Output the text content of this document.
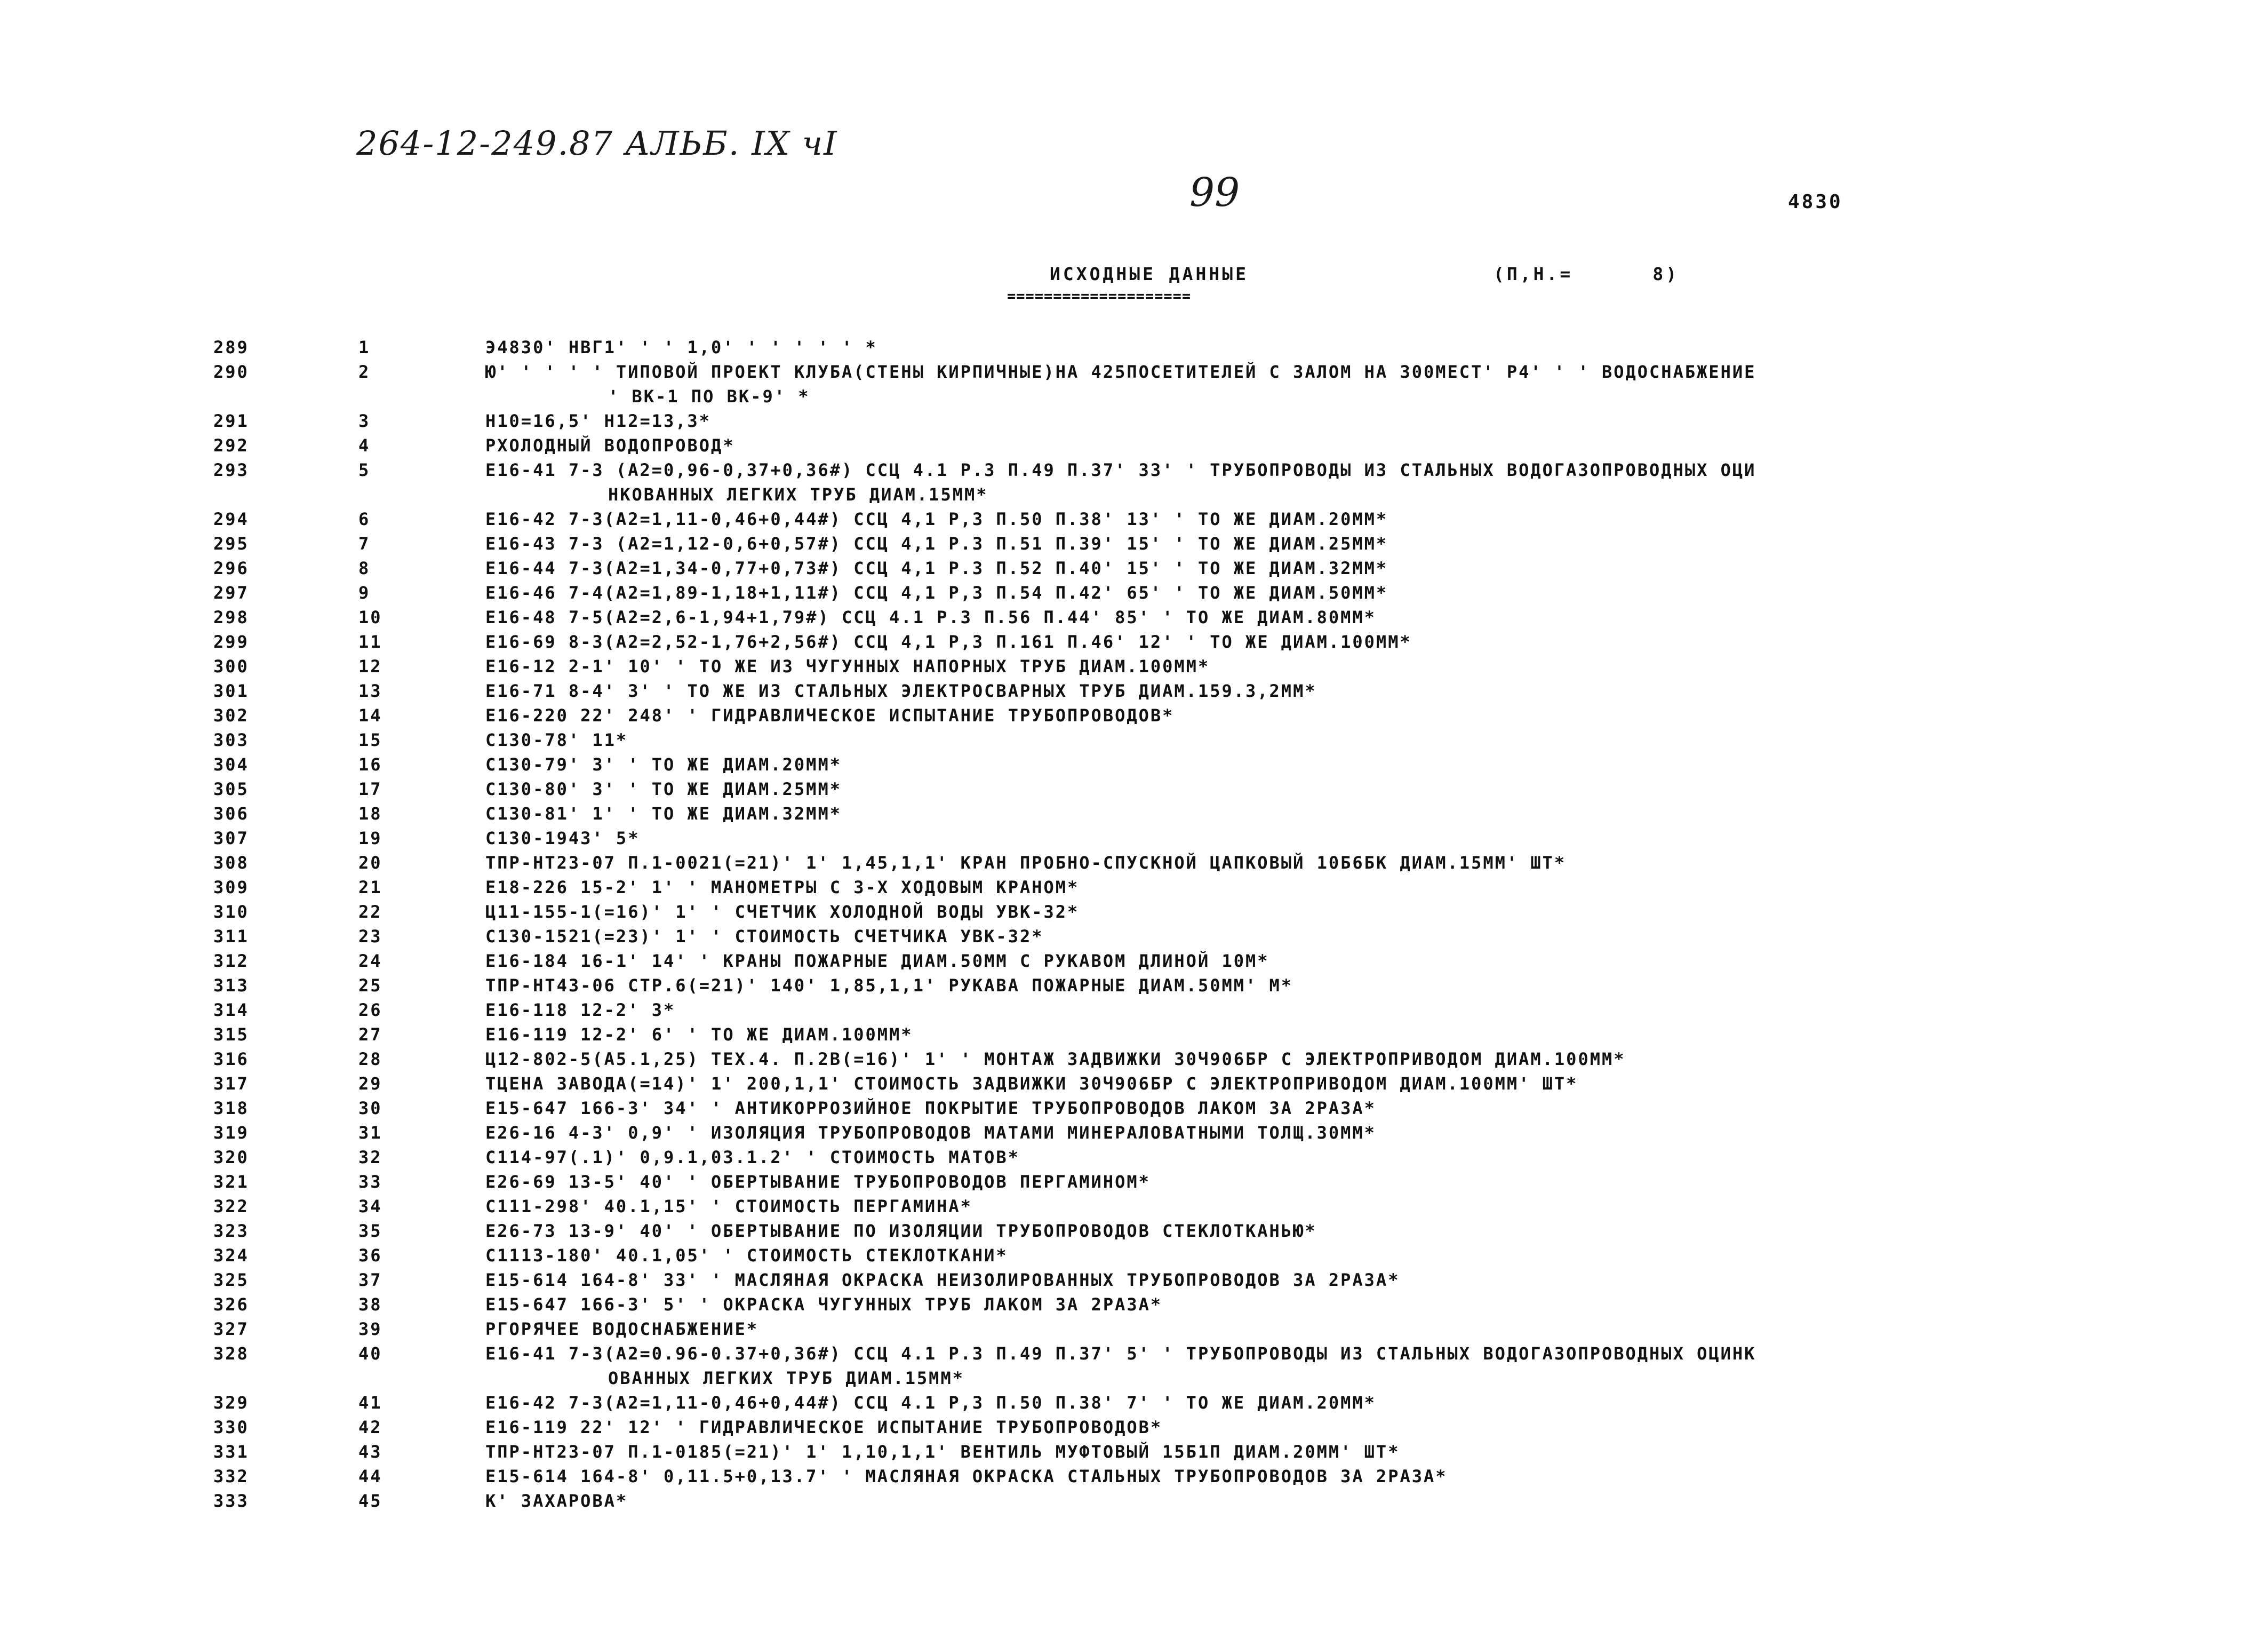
264-12-249.87 АЛЬБ. IX чI
99	4830
ИСХОДНЫЕ ДАННЫЕ	(П,Н.=      8)
====================
289	1	Э4830' НВГ1' ' ' 1,0' ' ' ' ' ' *
290	2	Ю' ' ' ' ' ТИПОВОЙ ПРОЕКТ КЛУБА(СТЕНЫ КИРПИЧНЫЕ)НА 425ПОСЕТИТЕЛЕЙ С ЗАЛОМ НА 300МЕСТ' Р4' ' ' ВОДОСНАБЖЕНИЕ
' ВК-1 ПО ВК-9' *
291	3	Н10=16,5' Н12=13,3*
292	4	РХОЛОДНЫЙ ВОДОПРОВОД*
293	5	Е16-41 7-3 (А2=0,96-0,37+0,36#) ССЦ 4.1 Р.3 П.49 П.37' 33' ' ТРУБОПРОВОДЫ ИЗ СТАЛЬНЫХ ВОДОГАЗОПРОВОДНЫХ ОЦИ
НКОВАННЫХ ЛЕГКИХ ТРУБ ДИАМ.15ММ*
294	6	Е16-42 7-3(А2=1,11-0,46+0,44#) ССЦ 4,1 Р,3 П.50 П.38' 13' ' ТО ЖЕ ДИАМ.20ММ*
295	7	Е16-43 7-3 (А2=1,12-0,6+0,57#) ССЦ 4,1 Р.3 П.51 П.39' 15' ' ТО ЖЕ ДИАМ.25ММ*
296	8	Е16-44 7-3(А2=1,34-0,77+0,73#) ССЦ 4,1 Р.3 П.52 П.40' 15' ' ТО ЖЕ ДИАМ.32ММ*
297	9	Е16-46 7-4(А2=1,89-1,18+1,11#) ССЦ 4,1 Р,3 П.54 П.42' 65' ' ТО ЖЕ ДИАМ.50ММ*
298	10	Е16-48 7-5(А2=2,6-1,94+1,79#) ССЦ 4.1 Р.3 П.56 П.44' 85' ' ТО ЖЕ ДИАМ.80ММ*
299	11	Е16-69 8-3(А2=2,52-1,76+2,56#) ССЦ 4,1 Р,3 П.161 П.46' 12' ' ТО ЖЕ ДИАМ.100ММ*
300	12	Е16-12 2-1' 10' ' ТО ЖЕ ИЗ ЧУГУННЫХ НАПОРНЫХ ТРУБ ДИАМ.100ММ*
301	13	Е16-71 8-4' 3' ' ТО ЖЕ ИЗ СТАЛЬНЫХ ЭЛЕКТРОСВАРНЫХ ТРУБ ДИАМ.159.3,2ММ*
302	14	Е16-220 22' 248' ' ГИДРАВЛИЧЕСКОЕ ИСПЫТАНИЕ ТРУБОПРОВОДОВ*
303	15	С130-78' 11*
304	16	С130-79' 3' ' ТО ЖЕ ДИАМ.20ММ*
305	17	С130-80' 3' ' ТО ЖЕ ДИАМ.25ММ*
306	18	С130-81' 1' ' ТО ЖЕ ДИАМ.32ММ*
307	19	С130-1943' 5*
308	20	ТПР-НТ23-07 П.1-0021(=21)' 1' 1,45,1,1' КРАН ПРОБНО-СПУСКНОЙ ЦАПКОВЫЙ 10Б6БК ДИАМ.15ММ' ШТ*
309	21	Е18-226 15-2' 1' ' МАНОМЕТРЫ С 3-Х ХОДОВЫМ КРАНОМ*
310	22	Ц11-155-1(=16)' 1' ' СЧЕТЧИК ХОЛОДНОЙ ВОДЫ УВК-32*
311	23	С130-1521(=23)' 1' ' СТОИМОСТЬ СЧЕТЧИКА УВК-32*
312	24	Е16-184 16-1' 14' ' КРАНЫ ПОЖАРНЫЕ ДИАМ.50ММ С РУКАВОМ ДЛИНОЙ 10М*
313	25	ТПР-НТ43-06 СТР.6(=21)' 140' 1,85,1,1' РУКАВА ПОЖАРНЫЕ ДИАМ.50ММ' М*
314	26	Е16-118 12-2' 3*
315	27	Е16-119 12-2' 6' ' ТО ЖЕ ДИАМ.100ММ*
316	28	Ц12-802-5(А5.1,25) ТЕХ.4. П.2В(=16)' 1' ' МОНТАЖ ЗАДВИЖКИ 30Ч906БР С ЭЛЕКТРОПРИВОДОМ ДИАМ.100ММ*
317	29	ТЦЕНА ЗАВОДА(=14)' 1' 200,1,1' СТОИМОСТЬ ЗАДВИЖКИ 30Ч906БР С ЭЛЕКТРОПРИВОДОМ ДИАМ.100ММ' ШТ*
318	30	Е15-647 166-3' 34' ' АНТИКОРРОЗИЙНОЕ ПОКРЫТИЕ ТРУБОПРОВОДОВ ЛАКОМ ЗА 2РАЗА*
319	31	Е26-16 4-3' 0,9' ' ИЗОЛЯЦИЯ ТРУБОПРОВОДОВ МАТАМИ МИНЕРАЛОВАТНЫМИ ТОЛЩ.30ММ*
320	32	С114-97(.1)' 0,9.1,03.1.2' ' СТОИМОСТЬ МАТОВ*
321	33	Е26-69 13-5' 40' ' ОБЕРТЫВАНИЕ ТРУБОПРОВОДОВ ПЕРГАМИНОМ*
322	34	С111-298' 40.1,15' ' СТОИМОСТЬ ПЕРГАМИНА*
323	35	Е26-73 13-9' 40' ' ОБЕРТЫВАНИЕ ПО ИЗОЛЯЦИИ ТРУБОПРОВОДОВ СТЕКЛОТКАНЬЮ*
324	36	С1113-180' 40.1,05' ' СТОИМОСТЬ СТЕКЛОТКАНИ*
325	37	Е15-614 164-8' 33' ' МАСЛЯНАЯ ОКРАСКА НЕИЗОЛИРОВАННЫХ ТРУБОПРОВОДОВ ЗА 2РАЗА*
326	38	Е15-647 166-3' 5' ' ОКРАСКА ЧУГУННЫХ ТРУБ ЛАКОМ ЗА 2РАЗА*
327	39	РГОРЯЧЕЕ ВОДОСНАБЖЕНИЕ*
328	40	Е16-41 7-3(А2=0.96-0.37+0,36#) ССЦ 4.1 Р.3 П.49 П.37' 5' ' ТРУБОПРОВОДЫ ИЗ СТАЛЬНЫХ ВОДОГАЗОПРОВОДНЫХ ОЦИНК
ОВАННЫХ ЛЕГКИХ ТРУБ ДИАМ.15ММ*
329	41	Е16-42 7-3(А2=1,11-0,46+0,44#) ССЦ 4.1 Р,3 П.50 П.38' 7' ' ТО ЖЕ ДИАМ.20ММ*
330	42	Е16-119 22' 12' ' ГИДРАВЛИЧЕСКОЕ ИСПЫТАНИЕ ТРУБОПРОВОДОВ*
331	43	ТПР-НТ23-07 П.1-0185(=21)' 1' 1,10,1,1' ВЕНТИЛЬ МУФТОВЫЙ 15Б1П ДИАМ.20ММ' ШТ*
332	44	Е15-614 164-8' 0,11.5+0,13.7' ' МАСЛЯНАЯ ОКРАСКА СТАЛЬНЫХ ТРУБОПРОВОДОВ ЗА 2РАЗА*
333	45	К' ЗАХАРОВА*
